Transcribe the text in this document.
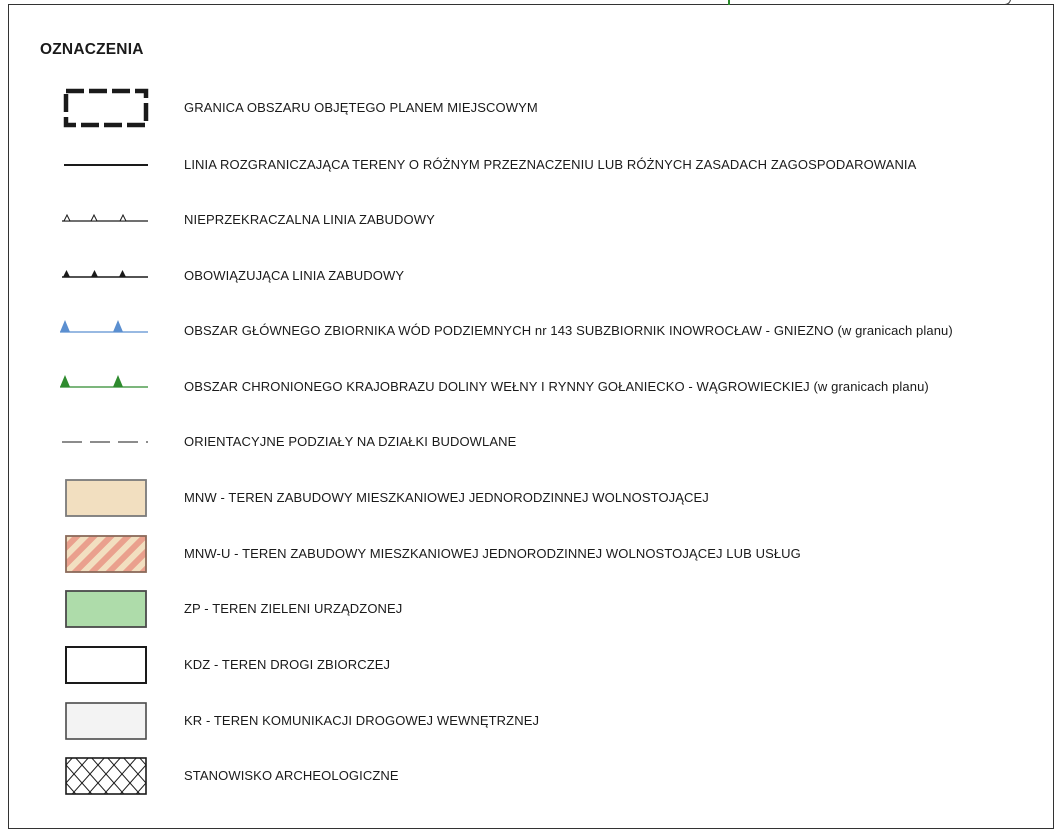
OZNACZENIA
GRANICA OBSZARU OBJĘTEGO PLANEM MIEJSCOWYM
LINIA ROZGRANICZAJĄCA TERENY O RÓŻNYM PRZEZNACZENIU LUB RÓŻNYCH ZASADACH ZAGOSPODAROWANIA
NIEPRZEKRACZALNA LINIA ZABUDOWY
OBOWIĄZUJĄCA LINIA ZABUDOWY
OBSZAR GŁÓWNEGO ZBIORNIKA WÓD PODZIEMNYCH nr 143 SUBZBIORNIK INOWROCŁAW - GNIEZNO (w granicach planu)
OBSZAR CHRONIONEGO KRAJOBRAZU DOLINY WEŁNY I RYNNY GOŁANIECKO - WĄGROWIECKIEJ (w granicach planu)
ORIENTACYJNE PODZIAŁY NA DZIAŁKI BUDOWLANE
MNW - TEREN ZABUDOWY MIESZKANIOWEJ JEDNORODZINNEJ WOLNOSTOJĄCEJ
MNW-U - TEREN ZABUDOWY MIESZKANIOWEJ JEDNORODZINNEJ WOLNOSTOJĄCEJ LUB USŁUG
ZP - TEREN ZIELENI URZĄDZONEJ
KDZ - TEREN DROGI ZBIORCZEJ
KR - TEREN KOMUNIKACJI DROGOWEJ WEWNĘTRZNEJ
STANOWISKO ARCHEOLOGICZNE
